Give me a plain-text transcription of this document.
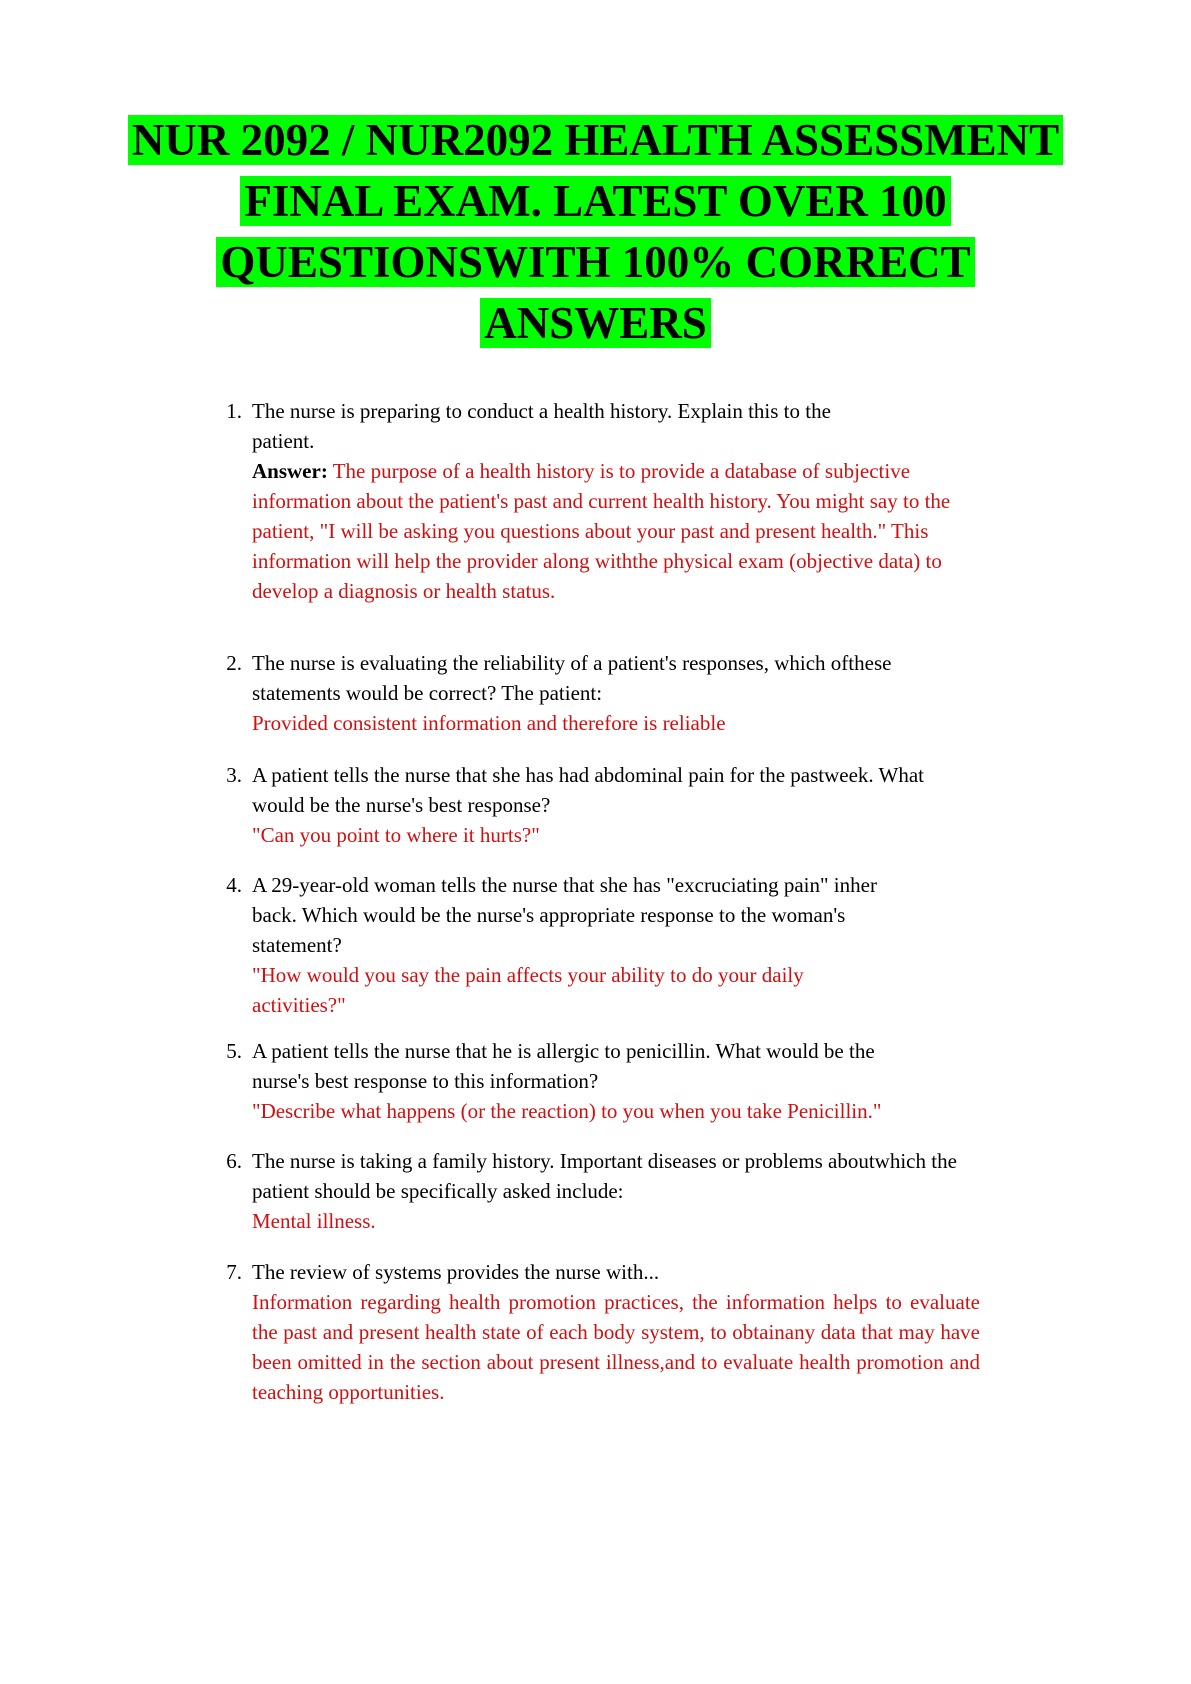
NUR 2092 / NUR2092 HEALTH ASSESSMENT
FINAL EXAM. LATEST OVER 100
QUESTIONSWITH 100% CORRECT
ANSWERS
1. The nurse is preparing to conduct a health history. Explain this to the patient.
Answer: The purpose of a health history is to provide a database of subjective information about the patient's past and current health history. You might say to the patient, "I will be asking you questions about your past and present health." This information will help the provider along withthe physical exam (objective data) to develop a diagnosis or health status.
2. The nurse is evaluating the reliability of a patient's responses, which ofthese statements would be correct? The patient:
Provided consistent information and therefore is reliable
3. A patient tells the nurse that she has had abdominal pain for the pastweek. What would be the nurse's best response?
"Can you point to where it hurts?"
4. A 29-year-old woman tells the nurse that she has "excruciating pain" inher back. Which would be the nurse's appropriate response to the woman's statement?
"How would you say the pain affects your ability to do your daily activities?"
5. A patient tells the nurse that he is allergic to penicillin. What would be the nurse's best response to this information?
"Describe what happens (or the reaction) to you when you take Penicillin."
6. The nurse is taking a family history. Important diseases or problems aboutwhich the patient should be specifically asked include:
Mental illness.
7. The review of systems provides the nurse with...
Information regarding health promotion practices, the information helps to evaluate the past and present health state of each body system, to obtainany data that may have been omitted in the section about present illness,and to evaluate health promotion and teaching opportunities.
